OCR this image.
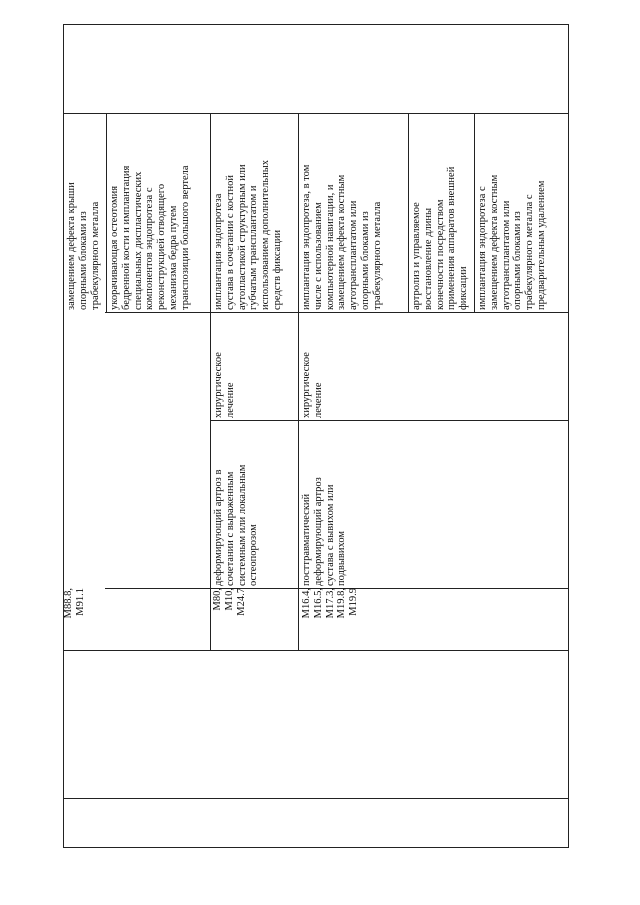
M88.8,
M91.1
замещением дефекта крыши
опорными блоками из
трабекулярного металла
укорачивающая остеотомия
бедренной кости и имплантация
специальных диспластических
компонентов эндопротеза с
реконструкцией отводящего
механизма бедра путем
транспозиции большого вертела
M80,
M10,
M24.7
деформирующий артроз в
сочетании с выраженным
системным или локальным
остеопорозом
хирургическое
лечение
имплантация эндопротеза
сустава в сочетании с костной
аутопластикой структурным или
губчатым трансплантатом и
использованием дополнительных
средств фиксации
M16.4,
M16.5,
M17.3,
M19.8,
M19.9
посттравматический
деформирующий артроз
сустава с вывихом или
подвывихом
хирургическое
лечение
имплантация эндопротеза, в том
числе с использованием
компьютерной навигации, и
замещением дефекта костным
аутотрансплантатом или
опорными блоками из
трабекулярного металла
артролиз и управляемое
восстановление длины
конечности посредством
применения аппаратов внешней
фиксации имплантация эндопротеза с
замещением дефекта костным
аутотрансплантатом или
опорными блоками из
трабекулярного металла с
предварительным удалением
